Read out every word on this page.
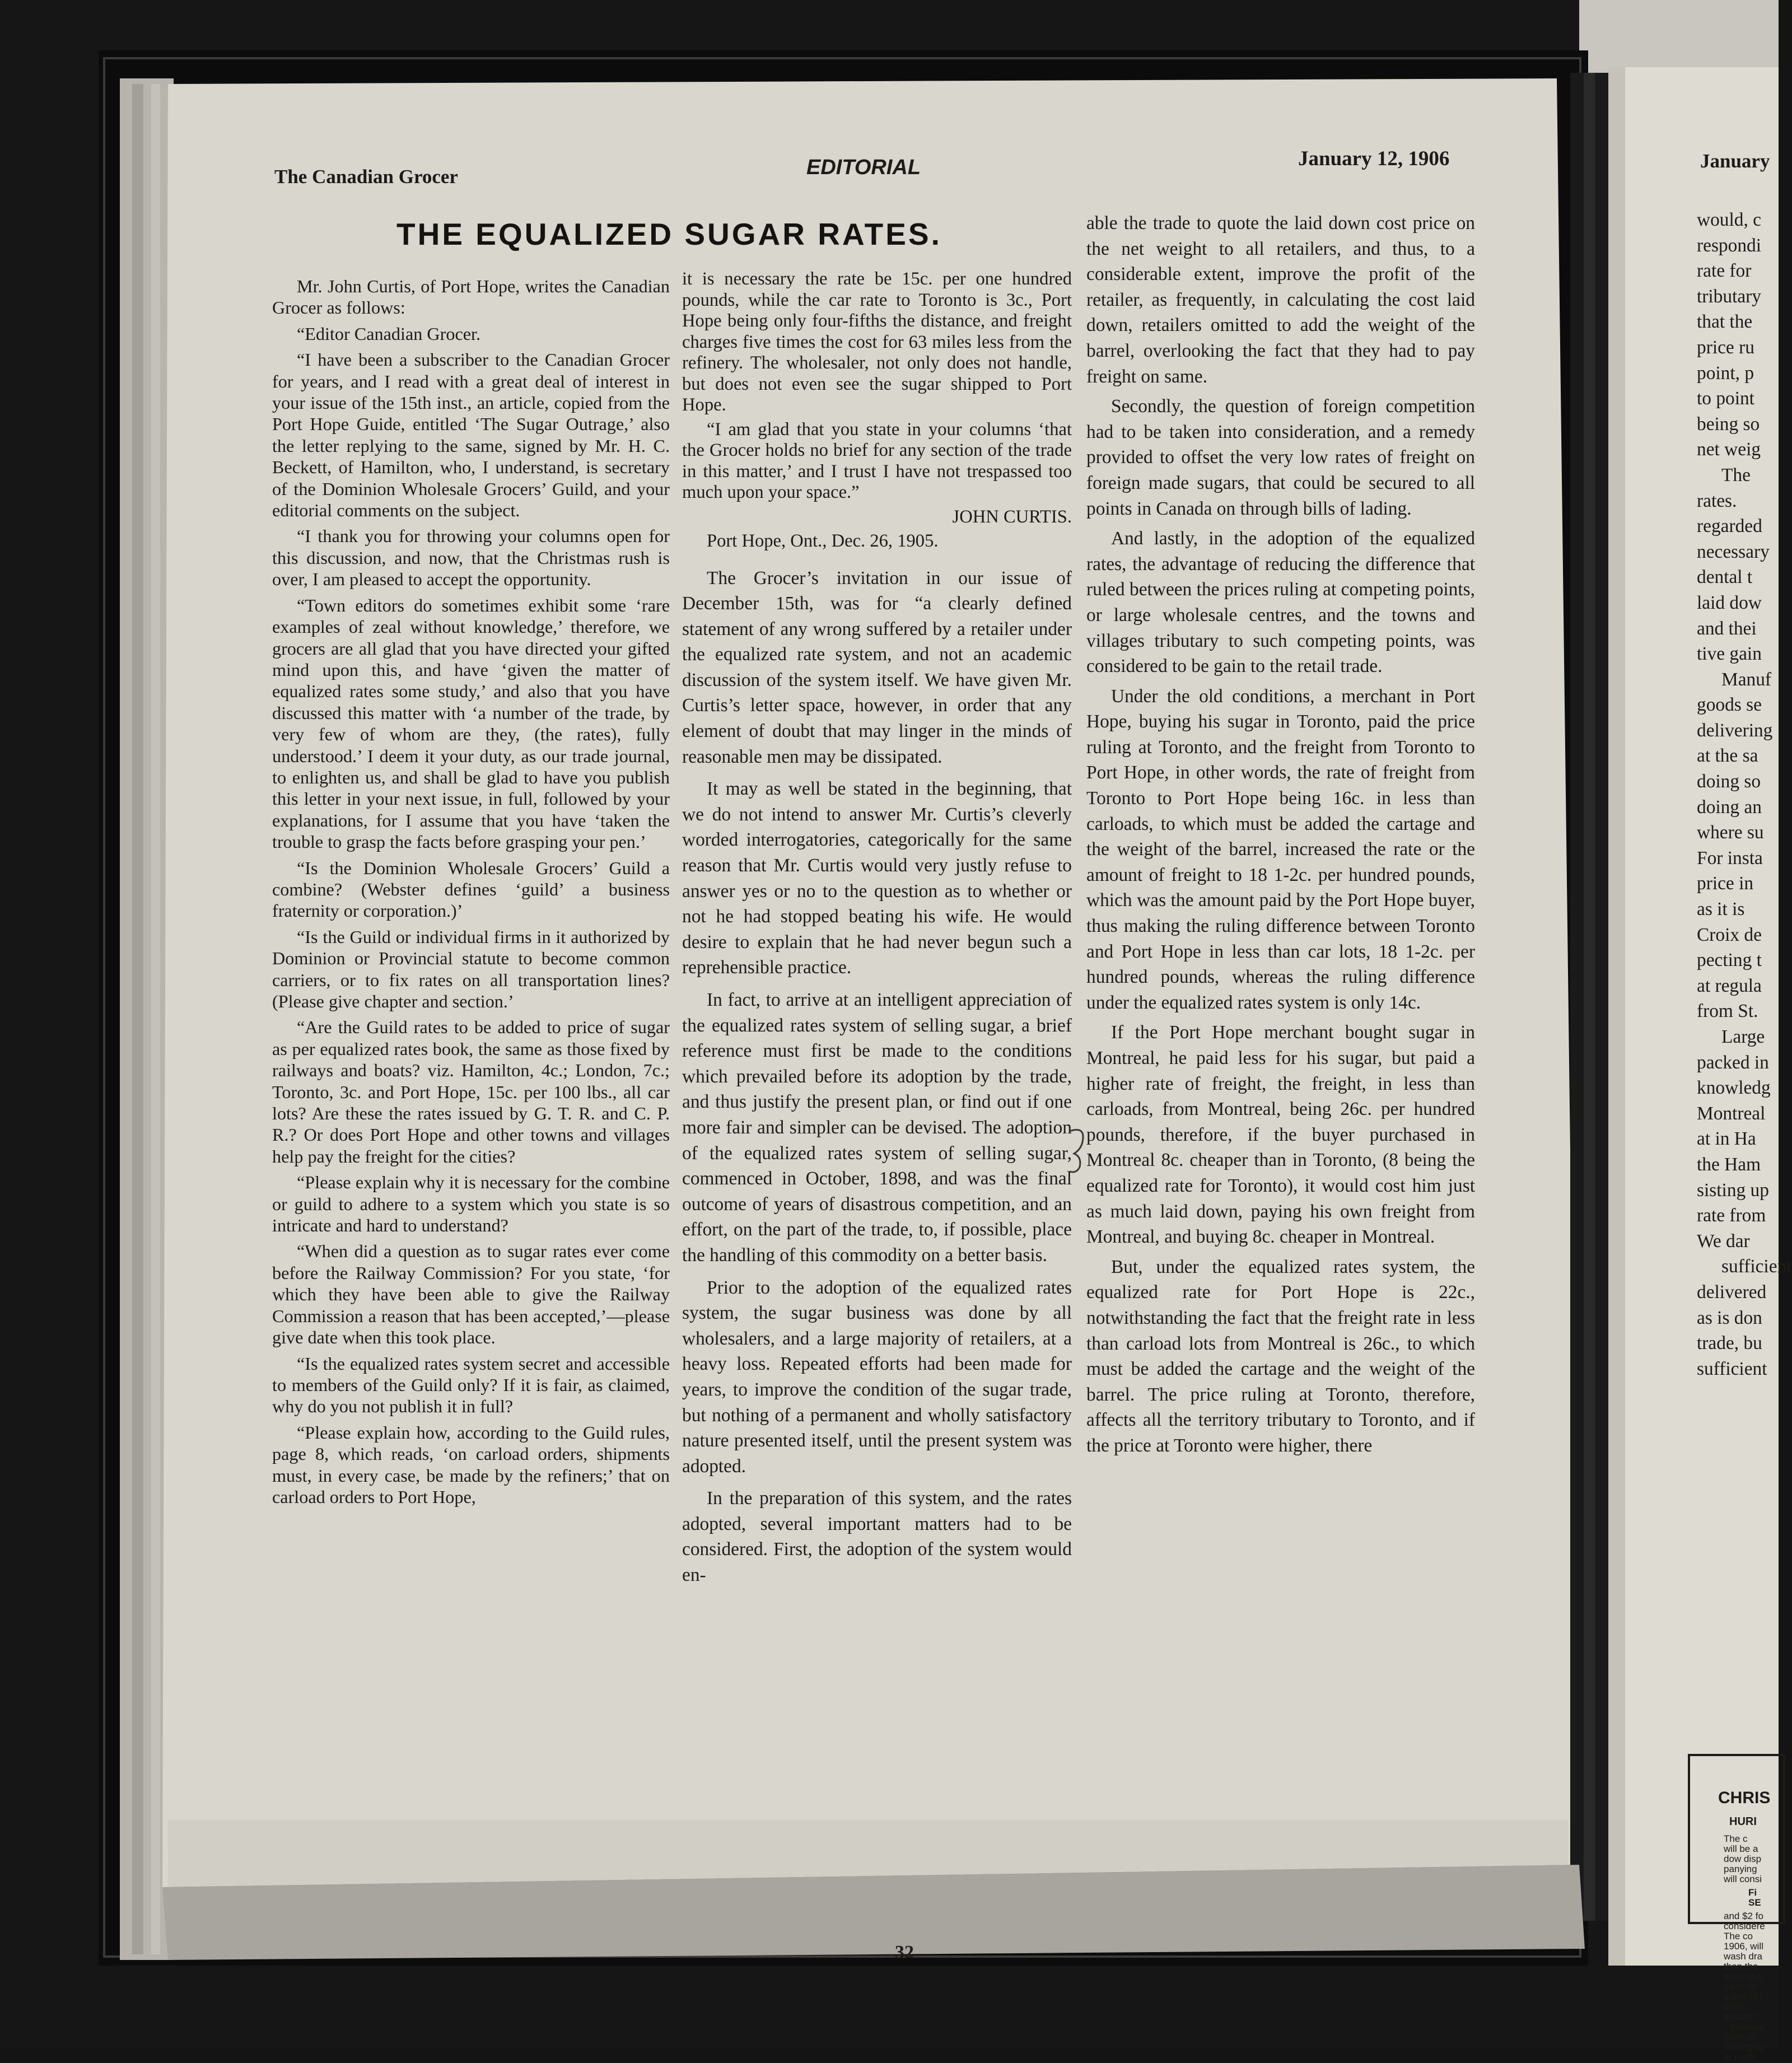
The Canadian Grocer	EDITORIAL	January 12, 1906	January
THE EQUALIZED SUGAR RATES.

Mr. John Curtis, of Port Hope, writes the Canadian Grocer as follows:

“Editor Canadian Grocer.

“I have been a subscriber to the Canadian Grocer for years, and I read with a great deal of interest in your issue of the 15th inst., an article, copied from the Port Hope Guide, entitled ‘The Sugar Outrage,’ also the letter replying to the same, signed by Mr. H. C. Beckett, of Hamilton, who, I understand, is secretary of the Dominion Wholesale Grocers’ Guild, and your editorial comments on the subject.

“I thank you for throwing your columns open for this discussion, and now, that the Christmas rush is over, I am pleased to accept the opportunity.

“Town editors do sometimes exhibit some ‘rare examples of zeal without knowledge,’ therefore, we grocers are all glad that you have directed your gifted mind upon this, and have ‘given the matter of equalized rates some study,’ and also that you have discussed this matter with ‘a number of the trade, by very few of whom are they, (the rates), fully understood.’ I deem it your duty, as our trade journal, to enlighten us, and shall be glad to have you publish this letter in your next issue, in full, followed by your explanations, for I assume that you have ‘taken the trouble to grasp the facts before grasping your pen.’

“Is the Dominion Wholesale Grocers’ Guild a combine? (Webster defines ‘guild’ a business fraternity or corporation.)’

“Is the Guild or individual firms in it authorized by Dominion or Provincial statute to become common carriers, or to fix rates on all transportation lines? (Please give chapter and section.’

“Are the Guild rates to be added to price of sugar as per equalized rates book, the same as those fixed by railways and boats? viz. Hamilton, 4c.; London, 7c.; Toronto, 3c. and Port Hope, 15c. per 100 lbs., all car lots? Are these the rates issued by G. T. R. and C. P. R.? Or does Port Hope and other towns and villages help pay the freight for the cities?

“Please explain why it is necessary for the combine or guild to adhere to a system which you state is so intricate and hard to understand?

“When did a question as to sugar rates ever come before the Railway Commission? For you state, ‘for which they have been able to give the Railway Commission a reason that has been accepted,’—please give date when this took place.

“Is the equalized rates system secret and accessible to members of the Guild only? If it is fair, as claimed, why do you not publish it in full?

“Please explain how, according to the Guild rules, page 8, which reads, ‘on carload orders, shipments must, in every case, be made by the refiners;’ that on carload orders to Port Hope,

it is necessary the rate be 15c. per one hundred pounds, while the car rate to Toronto is 3c., Port Hope being only four-fifths the distance, and freight charges five times the cost for 63 miles less from the refinery. The wholesaler, not only does not handle, but does not even see the sugar shipped to Port Hope.

“I am glad that you state in your columns ‘that the Grocer holds no brief for any section of the trade in this matter,’ and I trust I have not trespassed too much upon your space.”

JOHN CURTIS.

Port Hope, Ont., Dec. 26, 1905.

The Grocer’s invitation in our issue of December 15th, was for “a clearly defined statement of any wrong suffered by a retailer under the equalized rate system, and not an academic discussion of the system itself. We have given Mr. Curtis’s letter space, however, in order that any element of doubt that may linger in the minds of reasonable men may be dissipated.

It may as well be stated in the beginning, that we do not intend to answer Mr. Curtis’s cleverly worded interrogatories, categorically for the same reason that Mr. Curtis would very justly refuse to answer yes or no to the question as to whether or not he had stopped beating his wife. He would desire to explain that he had never begun such a reprehensible practice.

In fact, to arrive at an intelligent appreciation of the equalized rates system of selling sugar, a brief reference must first be made to the conditions which prevailed before its adoption by the trade, and thus justify the present plan, or find out if one more fair and simpler can be devised. The adoption of the equalized rates system of selling sugar, commenced in October, 1898, and was the final outcome of years of disastrous competition, and an effort, on the part of the trade, to, if possible, place the handling of this commodity on a better basis.

Prior to the adoption of the equalized rates system, the sugar business was done by all wholesalers, and a large majority of retailers, at a heavy loss. Repeated efforts had been made for years, to improve the condition of the sugar trade, but nothing of a permanent and wholly satisfactory nature presented itself, until the present system was adopted.

In the preparation of this system, and the rates adopted, several important matters had to be considered. First, the adoption of the system would en-

able the trade to quote the laid down cost price on the net weight to all retailers, and thus, to a considerable extent, improve the profit of the retailer, as frequently, in calculating the cost laid down, retailers omitted to add the weight of the barrel, overlooking the fact that they had to pay freight on same.

Secondly, the question of foreign competition had to be taken into consideration, and a remedy provided to offset the very low rates of freight on foreign made sugars, that could be secured to all points in Canada on through bills of lading.

And lastly, in the adoption of the equalized rates, the advantage of reducing the difference that ruled between the prices ruling at competing points, or large wholesale centres, and the towns and villages tributary to such competing points, was considered to be gain to the retail trade.

Under the old conditions, a merchant in Port Hope, buying his sugar in Toronto, paid the price ruling at Toronto, and the freight from Toronto to Port Hope, in other words, the rate of freight from Toronto to Port Hope being 16c. in less than carloads, to which must be added the cartage and the weight of the barrel, increased the rate or the amount of freight to 18 1-2c. per hundred pounds, which was the amount paid by the Port Hope buyer, thus making the ruling difference between Toronto and Port Hope in less than car lots, 18 1-2c. per hundred pounds, whereas the ruling difference under the equalized rates system is only 14c.

If the Port Hope merchant bought sugar in Montreal, he paid less for his sugar, but paid a higher rate of freight, the freight, in less than carloads, from Montreal, being 26c. per hundred pounds, therefore, if the buyer purchased in Montreal 8c. cheaper than in Toronto, (8 being the equalized rate for Toronto), it would cost him just as much laid down, paying his own freight from Montreal, and buying 8c. cheaper in Montreal.

But, under the equalized rates system, the equalized rate for Port Hope is 22c., notwithstanding the fact that the freight rate in less than carload lots from Montreal is 26c., to which must be added the cartage and the weight of the barrel. The price ruling at Toronto, therefore, affects all the territory tributary to Toronto, and if the price at Toronto were higher, there

32
would, c
respondi
rate for
tributary
that the
price ru
point, p
to point
being so
net weig
The
rates.
regarded
necessary
dental t
laid dow
and thei
tive gain
Manuf
goods se
delivering
at the sa
doing so
doing an
where su
For insta
price in
as it is
Croix de
pecting t
at regula
from St.
Large
packed in
knowledg
Montreal
at in Ha
the Ham
sisting up
rate from
We dar
sufficient
delivered
as is don
trade, bu
sufficient
CHRIS
HURI
The c
will be a
dow disp
panying
will consi
Fi
SE
and $2 fo
considere
The co
1906, will
wash dra
than the
tures in o
cient dis
admit of t
Mark
tended f
“ Window
Care sh
photograp
at night.
